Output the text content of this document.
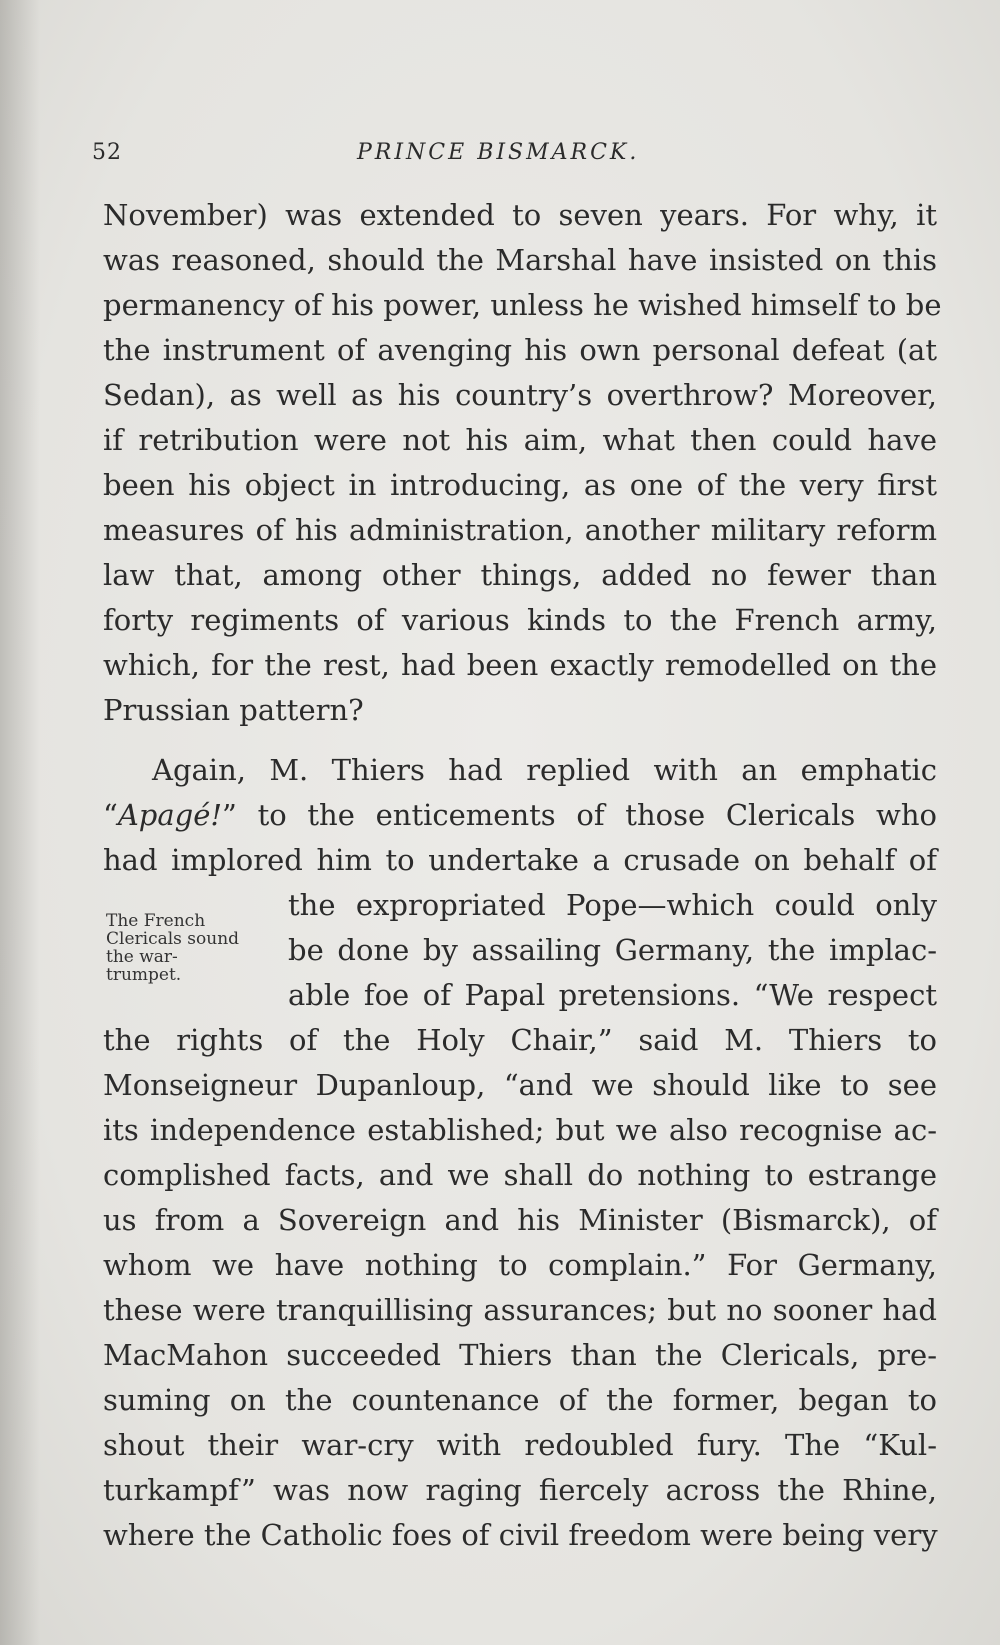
52	PRINCE BISMARCK.
November) was extended to seven years. For why, it
was reasoned, should the Marshal have insisted on this
permanency of his power, unless he wished himself to be
the instrument of avenging his own personal defeat (at
Sedan), as well as his country’s overthrow? Moreover,
if retribution were not his aim, what then could have
been his object in introducing, as one of the very first
measures of his administration, another military reform
law that, among other things, added no fewer than
forty regiments of various kinds to the French army,
which, for the rest, had been exactly remodelled on the
Prussian pattern?
Again, M. Thiers had replied with an emphatic
“Apagé!” to the enticements of those Clericals who
had implored him to undertake a crusade on behalf of
The French
Clericals sound
the war-
trumpet.
the expropriated Pope—which could only
be done by assailing Germany, the implac-
able foe of Papal pretensions. “We respect
the rights of the Holy Chair,” said M. Thiers to
Monseigneur Dupanloup, “and we should like to see
its independence established; but we also recognise ac-
complished facts, and we shall do nothing to estrange
us from a Sovereign and his Minister (Bismarck), of
whom we have nothing to complain.” For Germany,
these were tranquillising assurances; but no sooner had
MacMahon succeeded Thiers than the Clericals, pre-
suming on the countenance of the former, began to
shout their war-cry with redoubled fury. The “Kul-
turkampf” was now raging fiercely across the Rhine,
where the Catholic foes of civil freedom were being very
